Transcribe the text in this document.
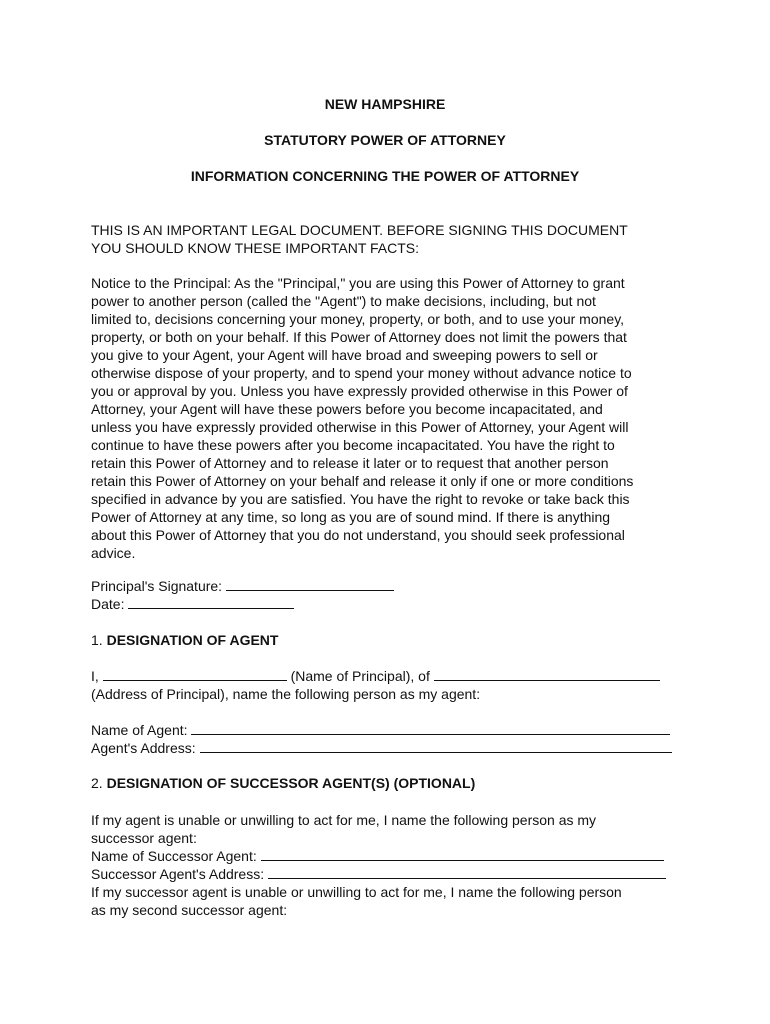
NEW HAMPSHIRE
STATUTORY POWER OF ATTORNEY
INFORMATION CONCERNING THE POWER OF ATTORNEY
THIS IS AN IMPORTANT LEGAL DOCUMENT. BEFORE SIGNING THIS DOCUMENT
YOU SHOULD KNOW THESE IMPORTANT FACTS:
Notice to the Principal: As the "Principal," you are using this Power of Attorney to grant
power to another person (called the "Agent") to make decisions, including, but not
limited to, decisions concerning your money, property, or both, and to use your money,
property, or both on your behalf. If this Power of Attorney does not limit the powers that
you give to your Agent, your Agent will have broad and sweeping powers to sell or
otherwise dispose of your property, and to spend your money without advance notice to
you or approval by you. Unless you have expressly provided otherwise in this Power of
Attorney, your Agent will have these powers before you become incapacitated, and
unless you have expressly provided otherwise in this Power of Attorney, your Agent will
continue to have these powers after you become incapacitated. You have the right to
retain this Power of Attorney and to release it later or to request that another person
retain this Power of Attorney on your behalf and release it only if one or more conditions
specified in advance by you are satisfied. You have the right to revoke or take back this
Power of Attorney at any time, so long as you are of sound mind. If there is anything
about this Power of Attorney that you do not understand, you should seek professional
advice.
Principal's Signature:
Date:
1. DESIGNATION OF AGENT
I,	(Name of Principal), of
(Address of Principal), name the following person as my agent:
Name of Agent:
Agent's Address:
2. DESIGNATION OF SUCCESSOR AGENT(S) (OPTIONAL)
If my agent is unable or unwilling to act for me, I name the following person as my
successor agent:
Name of Successor Agent:
Successor Agent's Address:
If my successor agent is unable or unwilling to act for me, I name the following person
as my second successor agent:
